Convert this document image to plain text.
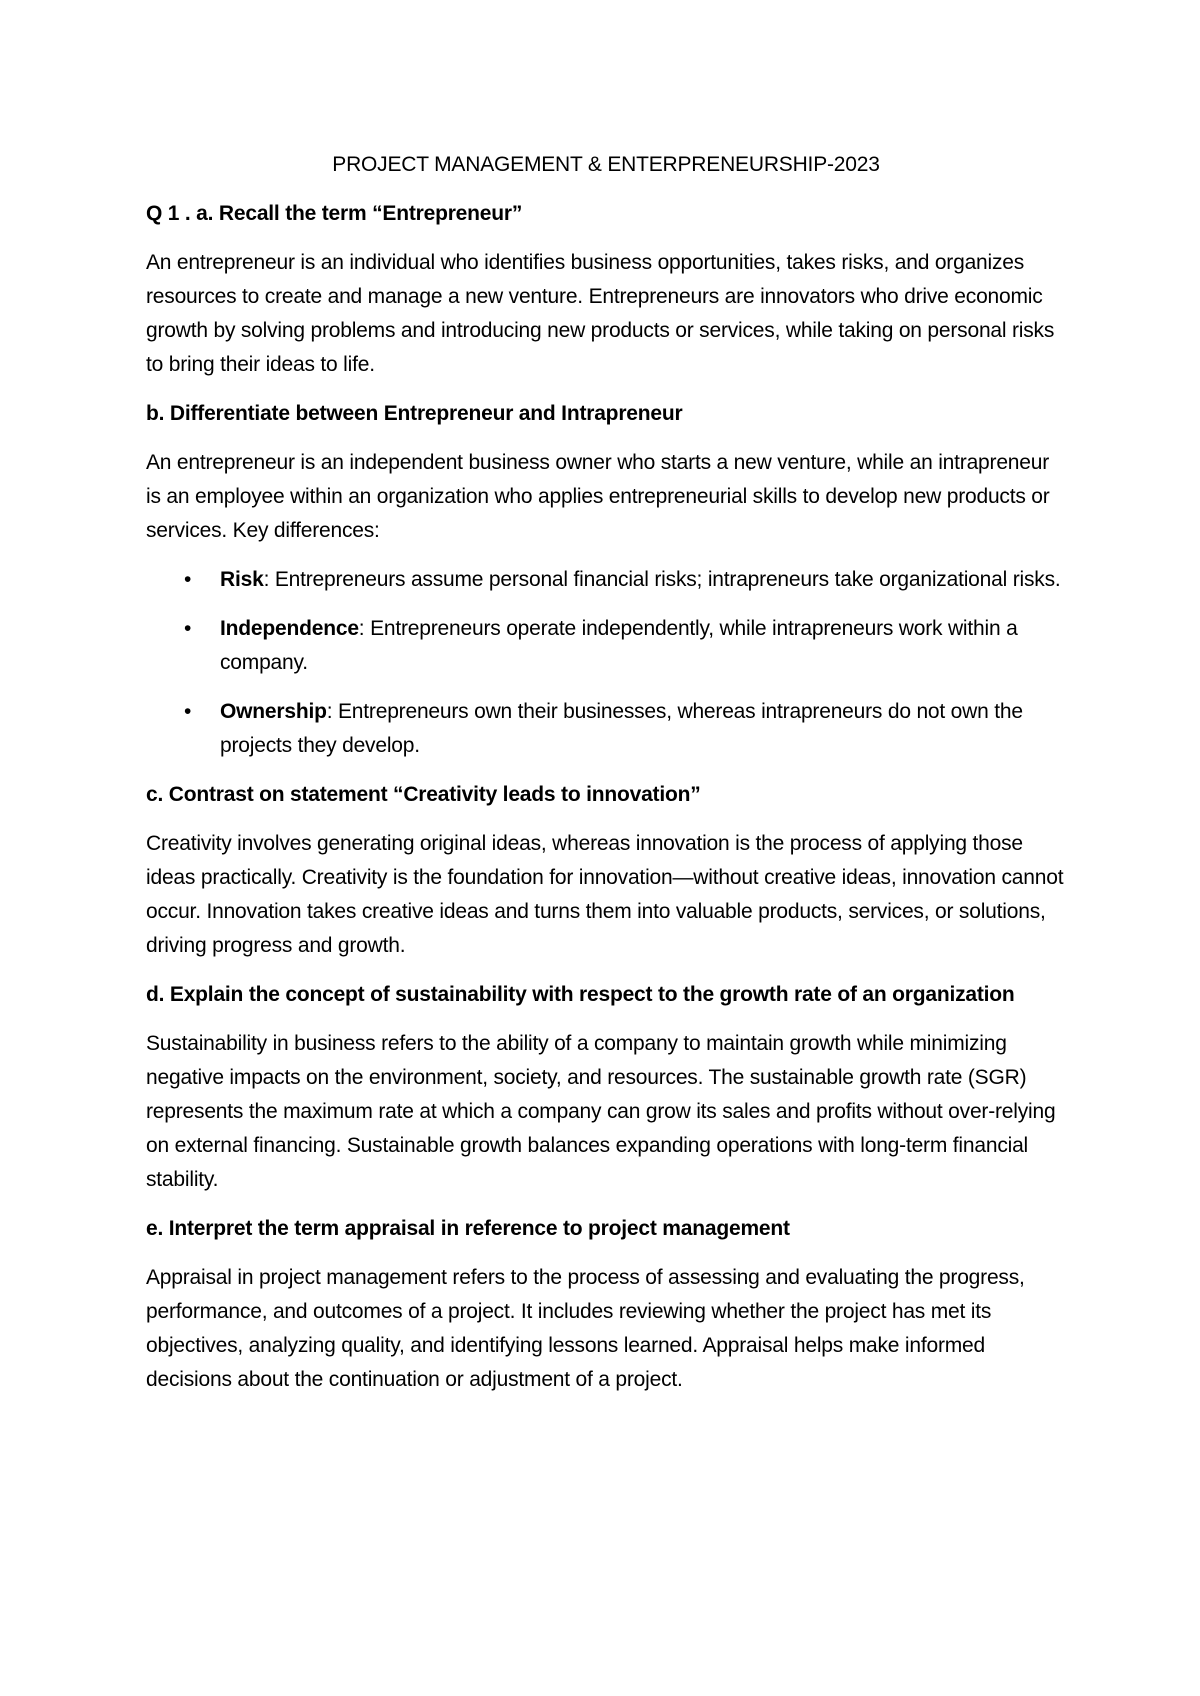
PROJECT MANAGEMENT & ENTERPRENEURSHIP-2023
Q 1 . a. Recall the term “Entrepreneur”
An entrepreneur is an individual who identifies business opportunities, takes risks, and organizes resources to create and manage a new venture. Entrepreneurs are innovators who drive economic growth by solving problems and introducing new products or services, while taking on personal risks to bring their ideas to life.
b. Differentiate between Entrepreneur and Intrapreneur
An entrepreneur is an independent business owner who starts a new venture, while an intrapreneur is an employee within an organization who applies entrepreneurial skills to develop new products or services. Key differences:
• Risk: Entrepreneurs assume personal financial risks; intrapreneurs take organizational risks.
• Independence: Entrepreneurs operate independently, while intrapreneurs work within a company.
• Ownership: Entrepreneurs own their businesses, whereas intrapreneurs do not own the projects they develop.
c. Contrast on statement “Creativity leads to innovation”
Creativity involves generating original ideas, whereas innovation is the process of applying those ideas practically. Creativity is the foundation for innovation—without creative ideas, innovation cannot occur. Innovation takes creative ideas and turns them into valuable products, services, or solutions, driving progress and growth.
d. Explain the concept of sustainability with respect to the growth rate of an organization
Sustainability in business refers to the ability of a company to maintain growth while minimizing negative impacts on the environment, society, and resources. The sustainable growth rate (SGR) represents the maximum rate at which a company can grow its sales and profits without over-relying on external financing. Sustainable growth balances expanding operations with long-term financial stability.
e. Interpret the term appraisal in reference to project management
Appraisal in project management refers to the process of assessing and evaluating the progress, performance, and outcomes of a project. It includes reviewing whether the project has met its objectives, analyzing quality, and identifying lessons learned. Appraisal helps make informed decisions about the continuation or adjustment of a project.
